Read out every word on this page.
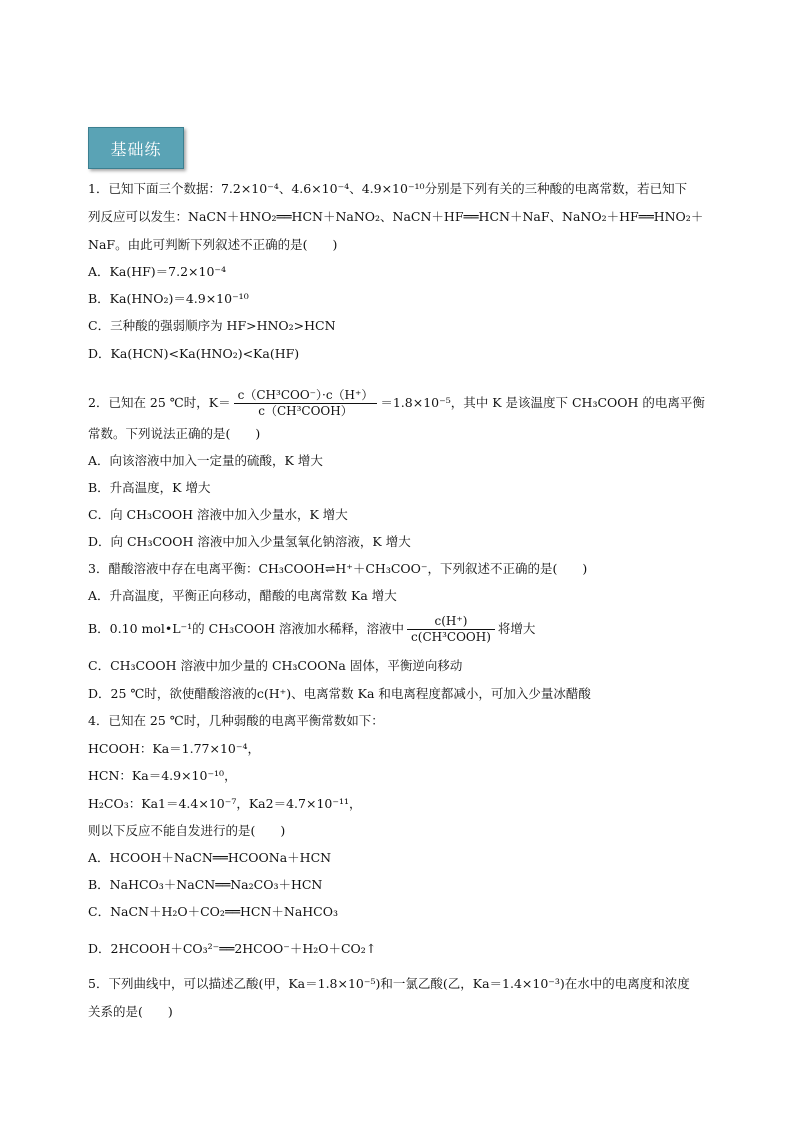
基础练
1．已知下面三个数据：7.2×10⁻⁴、4.6×10⁻⁴、4.9×10⁻¹⁰分别是下列有关的三种酸的电离常数，若已知下
列反应可以发生：NaCN＋HNO₂══HCN＋NaNO₂、NaCN＋HF══HCN＋NaF、NaNO₂＋HF══HNO₂＋
NaF。由此可判断下列叙述不正确的是(　　)
A．Ka(HF)＝7.2×10⁻⁴
B．Ka(HNO₂)＝4.9×10⁻¹⁰
C．三种酸的强弱顺序为 HF>HNO₂>HCN
D．Ka(HCN)<Ka(HNO₂)<Ka(HF)
常数。下列说法正确的是(　　)
A．向该溶液中加入一定量的硫酸，K 增大
B．升高温度，K 增大
C．向 CH₃COOH 溶液中加入少量水，K 增大
D．向 CH₃COOH 溶液中加入少量氢氧化钠溶液，K 增大
3．醋酸溶液中存在电离平衡：CH₃COOH⇌H⁺＋CH₃COO⁻，下列叙述不正确的是(　　)
A．升高温度，平衡正向移动，醋酸的电离常数 Ka 增大
C．CH₃COOH 溶液中加少量的 CH₃COONa 固体，平衡逆向移动
D．25 ℃时，欲使醋酸溶液的c(H⁺)、电离常数 Ka 和电离程度都减小，可加入少量冰醋酸
4．已知在 25 ℃时，几种弱酸的电离平衡常数如下：
HCOOH：Ka＝1.77×10⁻⁴，
HCN：Ka＝4.9×10⁻¹⁰，
H₂CO₃：Ka1＝4.4×10⁻⁷，Ka2＝4.7×10⁻¹¹，
则以下反应不能自发进行的是(　　)
A．HCOOH＋NaCN══HCOONa＋HCN
B．NaHCO₃＋NaCN══Na₂CO₃＋HCN
C．NaCN＋H₂O＋CO₂══HCN＋NaHCO₃
D．2HCOOH＋CO₃²⁻══2HCOO⁻＋H₂O＋CO₂↑
5．下列曲线中，可以描述乙酸(甲，Ka＝1.8×10⁻⁵)和一氯乙酸(乙，Ka＝1.4×10⁻³)在水中的电离度和浓度
关系的是(　　)
2．已知在 25 ℃时，$K= \frac{\text{c（CH³COO⁻）·c（H⁺）}}{\text{c（CH³COOH）}} =1.8\times 10^{-5}$，其中 K 是该温度下 CH₃COOH 的电离平衡
B．0.10 mol•L⁻¹的 CH₃COOH 溶液加水稀释，溶液中 $\frac{c(H^+)}{\text{c(CH³COOH)}}$ 将增大
